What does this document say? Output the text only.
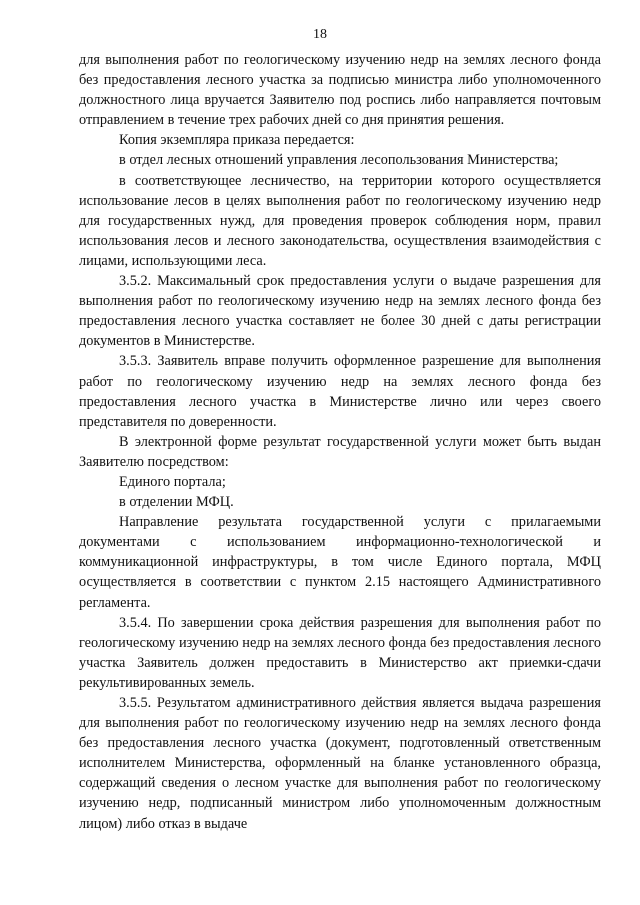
18

для выполнения работ по геологическому изучению недр на землях лесного фонда без предоставления лесного участка за подписью министра либо уполномоченного должностного лица вручается Заявителю под роспись либо направляется почтовым отправлением в течение трех рабочих дней со дня принятия решения.

Копия экземпляра приказа передается:

в отдел лесных отношений управления лесопользования Министерства;

в соответствующее лесничество, на территории которого осуществляется использование лесов в целях выполнения работ по геологическому изучению недр для государственных нужд, для проведения проверок соблюдения норм, правил использования лесов и лесного законодательства, осуществления взаимодействия с лицами, использующими леса.

3.5.2. Максимальный срок предоставления услуги о выдаче разрешения для выполнения работ по геологическому изучению недр на землях лесного фонда без предоставления лесного участка составляет не более 30 дней с даты регистрации документов в Министерстве.

3.5.3. Заявитель вправе получить оформленное разрешение для выполнения работ по геологическому изучению недр на землях лесного фонда без предоставления лесного участка в Министерстве лично или через своего представителя по доверенности.

В электронной форме результат государственной услуги может быть выдан Заявителю посредством:

Единого портала;

в отделении МФЦ.

Направление результата государственной услуги с прилагаемыми документами с использованием информационно-технологической и коммуникационной инфраструктуры, в том числе Единого портала, МФЦ осуществляется в соответствии с пунктом 2.15 настоящего Административного регламента.

3.5.4. По завершении срока действия разрешения для выполнения работ по геологическому изучению недр на землях лесного фонда без предоставления лесного участка Заявитель должен предоставить в Министерство акт приемки-сдачи рекультивированных земель.

3.5.5. Результатом административного действия является выдача разрешения для выполнения работ по геологическому изучению недр на землях лесного фонда без предоставления лесного участка (документ, подготовленный ответственным исполнителем Министерства, оформленный на бланке установленного образца, содержащий сведения о лесном участке для выполнения работ по геологическому изучению недр, подписанный министром либо уполномоченным должностным лицом) либо отказ в выдаче
